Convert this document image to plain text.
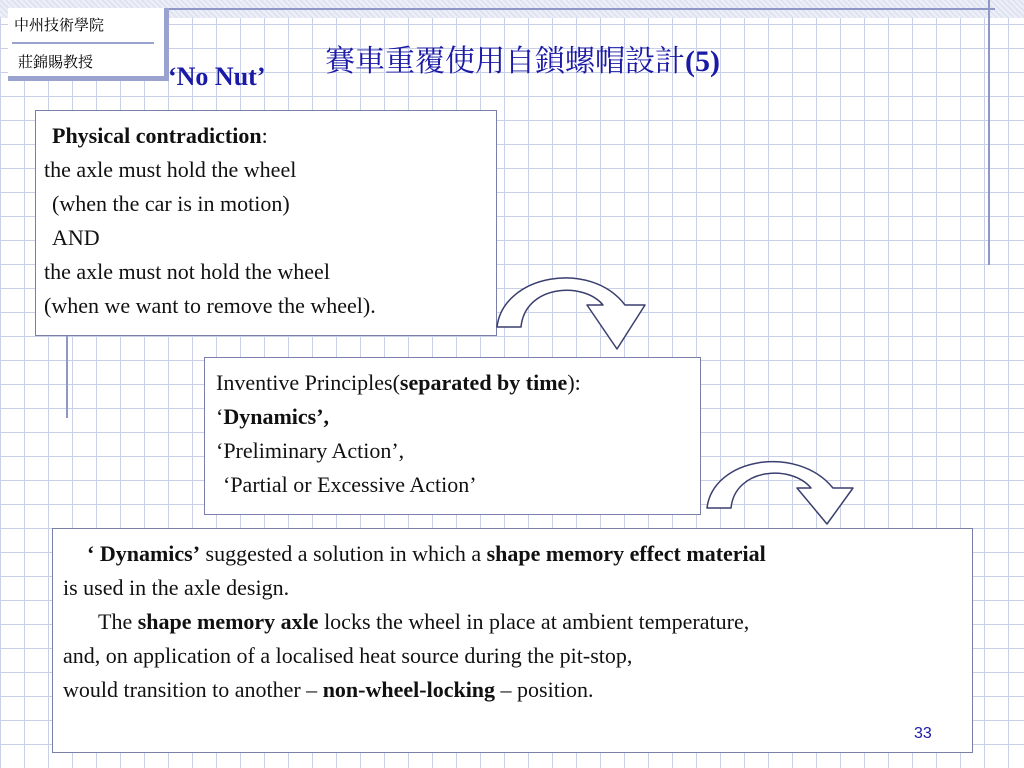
中州技術學院
莊錦賜教授	賽車重覆使用自鎖螺帽設計(5)
‘No Nut’
Physical contradiction:
the axle must hold the wheel
(when the car is in motion)
AND
the axle must not hold the wheel
(when we want to remove the wheel).
Inventive Principles(separated by time):
‘Dynamics’,
‘Preliminary Action’,
‘Partial or Excessive Action’
‘ Dynamics’ suggested a solution in which a shape memory effect material
is used in the axle design.
The shape memory axle locks the wheel in place at ambient temperature,
and, on application of a localised heat source during the pit-stop,
would transition to another – non-wheel-locking – position.
33
